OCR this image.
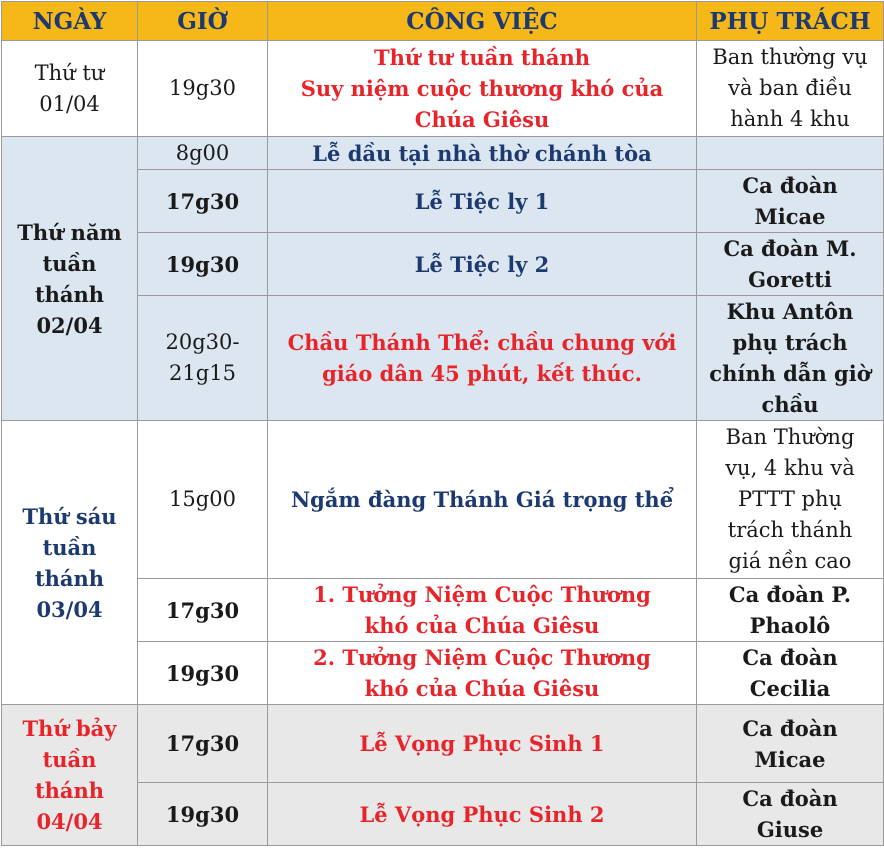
NGÀY	GIỜ	CÔNG VIỆC	PHỤ TRÁCH

Thứ tư
01/04	19g30	Thứ tư tuần thánh
Suy niệm cuộc thương khó của
Chúa Giêsu	Ban thường vụ
và ban điều
hành 4 khu

Thứ năm
tuần
thánh
02/04	8g00	Lễ dầu tại nhà thờ chánh tòa	

	17g30	Lễ Tiệc ly 1	Ca đoàn
Micae

	19g30	Lễ Tiệc ly 2	Ca đoàn M.
Goretti

	20g30-
21g15	Chầu Thánh Thể: chầu chung với
giáo dân 45 phút, kết thúc.	Khu Antôn
phụ trách
chính dẫn giờ
chầu

Thứ sáu
tuần
thánh
03/04	15g00	Ngắm đàng Thánh Giá trọng thể	Ban Thường
vụ, 4 khu và
PTTT phụ
trách thánh
giá nền cao

	17g30	1. Tưởng Niệm Cuộc Thương
khó của Chúa Giêsu	Ca đoàn P.
Phaolô

	19g30	2. Tưởng Niệm Cuộc Thương
khó của Chúa Giêsu	Ca đoàn
Cecilia

Thứ bảy
tuần
thánh
04/04	17g30	Lễ Vọng Phục Sinh 1	Ca đoàn
Micae

	19g30	Lễ Vọng Phục Sinh 2	Ca đoàn
Giuse
